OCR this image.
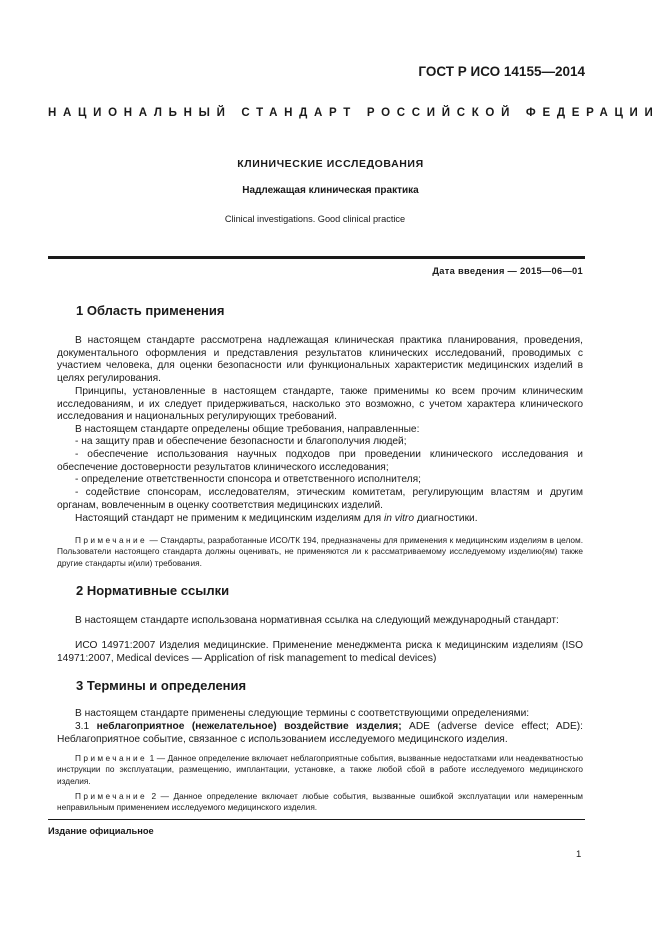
ГОСТ Р ИСО 14155—2014
НАЦИОНАЛЬНЫЙ СТАНДАРТ РОССИЙСКОЙ ФЕДЕРАЦИИ
КЛИНИЧЕСКИЕ ИССЛЕДОВАНИЯ
Надлежащая клиническая практика
Clinical investigations. Good clinical practice
Дата введения — 2015—06—01
1 Область применения

В настоящем стандарте рассмотрена надлежащая клиническая практика планирования, проведения, документального оформления и представления результатов клинических исследований, проводимых с участием человека, для оценки безопасности или функциональных характеристик медицинских изделий в целях регулирования.

Принципы, установленные в настоящем стандарте, также применимы ко всем прочим клиническим исследованиям, и их следует придерживаться, насколько это возможно, с учетом характера клинического исследования и национальных регулирующих требований.

В настоящем стандарте определены общие требования, направленные:

- на защиту прав и обеспечение безопасности и благополучия людей;

- обеспечение использования научных подходов при проведении клинического исследования и обеспечение достоверности результатов клинического исследования;

- определение ответственности спонсора и ответственного исполнителя;

- содействие спонсорам, исследователям, этическим комитетам, регулирующим властям и другим органам, вовлеченным в оценку соответствия медицинских изделий.

Настоящий стандарт не применим к медицинским изделиям для in vitro диагностики.

Примечание — Стандарты, разработанные ИСО/ТК 194, предназначены для применения к медицинским изделиям в целом. Пользователи настоящего стандарта должны оценивать, не применяются ли к рассматриваемому исследуемому изделию(ям) также другие стандарты и(или) требования.

2 Нормативные ссылки

В настоящем стандарте использована нормативная ссылка на следующий международный стандарт:

ИСО 14971:2007 Изделия медицинские. Применение менеджмента риска к медицинским изделиям (ISO 14971:2007, Medical devices — Application of risk management to medical devices)

3 Термины и определения

В настоящем стандарте применены следующие термины с соответствующими определениями:

3.1 неблагоприятное (нежелательное) воздействие изделия; ADE (adverse device effect; ADE): Неблагоприятное событие, связанное с использованием исследуемого медицинского изделия.

Примечание 1 — Данное определение включает неблагоприятные события, вызванные недостатками или неадекватностью инструкции по эксплуатации, размещению, имплантации, установке, а также любой сбой в работе исследуемого медицинского изделия.

Примечание 2 — Данное определение включает любые события, вызванные ошибкой эксплуатации или намеренным неправильным применением исследуемого медицинского изделия.

Издание официальное
1
